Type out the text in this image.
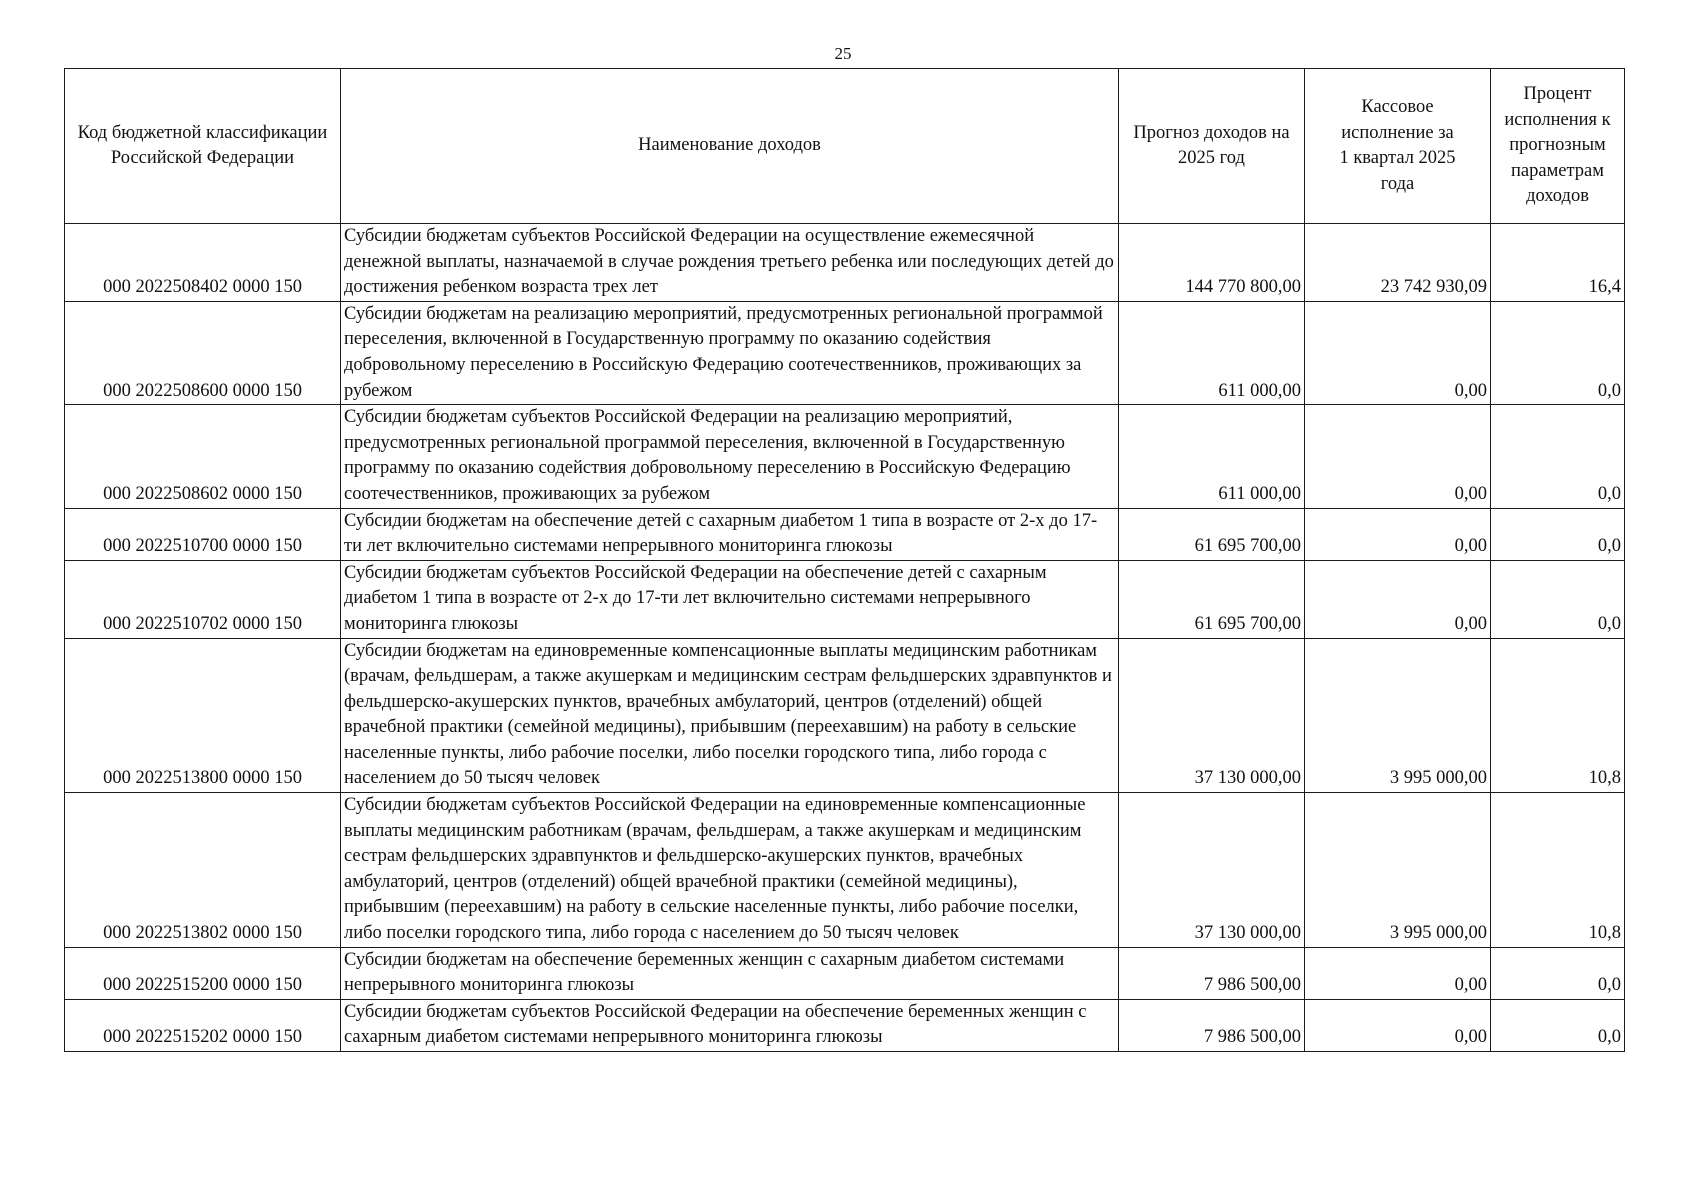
25
Код бюджетной классификации Российской Федерации	Наименование доходов	Прогноз доходов на 2025 год	Кассовое исполнение за 1 квартал 2025 года	Процент исполнения к прогнозным параметрам доходов
000 2022508402 0000 150	Субсидии бюджетам субъектов Российской Федерации на осуществление ежемесячной денежной выплаты, назначаемой в случае рождения третьего ребенка или последующих детей до достижения ребенком возраста трех лет	144 770 800,00	23 742 930,09	16,4
000 2022508600 0000 150	Субсидии бюджетам на реализацию мероприятий, предусмотренных региональной программой переселения, включенной в Государственную программу по оказанию содействия добровольному переселению в Российскую Федерацию соотечественников, проживающих за рубежом	611 000,00	0,00	0,0
000 2022508602 0000 150	Субсидии бюджетам субъектов Российской Федерации на реализацию мероприятий, предусмотренных региональной программой переселения, включенной в Государственную программу по оказанию содействия добровольному переселению в Российскую Федерацию соотечественников, проживающих за рубежом	611 000,00	0,00	0,0
000 2022510700 0000 150	Субсидии бюджетам на обеспечение детей с сахарным диабетом 1 типа в возрасте от 2-х до 17-ти лет включительно системами непрерывного мониторинга глюкозы	61 695 700,00	0,00	0,0
000 2022510702 0000 150	Субсидии бюджетам субъектов Российской Федерации на обеспечение детей с сахарным диабетом 1 типа в возрасте от 2-х до 17-ти лет включительно системами непрерывного мониторинга глюкозы	61 695 700,00	0,00	0,0
000 2022513800 0000 150	Субсидии бюджетам на единовременные компенсационные выплаты медицинским работникам (врачам, фельдшерам, а также акушеркам и медицинским сестрам фельдшерских здравпунктов и фельдшерско-акушерских пунктов, врачебных амбулаторий, центров (отделений) общей врачебной практики (семейной медицины), прибывшим (переехавшим) на работу в сельские населенные пункты, либо рабочие поселки, либо поселки городского типа, либо города с населением до 50 тысяч человек	37 130 000,00	3 995 000,00	10,8
000 2022513802 0000 150	Субсидии бюджетам субъектов Российской Федерации на единовременные компенсационные выплаты медицинским работникам (врачам, фельдшерам, а также акушеркам и медицинским сестрам фельдшерских здравпунктов и фельдшерско-акушерских пунктов, врачебных амбулаторий, центров (отделений) общей врачебной практики (семейной медицины), прибывшим (переехавшим) на работу в сельские населенные пункты, либо рабочие поселки, либо поселки городского типа, либо города с населением до 50 тысяч человек	37 130 000,00	3 995 000,00	10,8
000 2022515200 0000 150	Субсидии бюджетам на обеспечение беременных женщин с сахарным диабетом системами непрерывного мониторинга глюкозы	7 986 500,00	0,00	0,0
000 2022515202 0000 150	Субсидии бюджетам субъектов Российской Федерации на обеспечение беременных женщин с сахарным диабетом системами непрерывного мониторинга глюкозы	7 986 500,00	0,00	0,0
